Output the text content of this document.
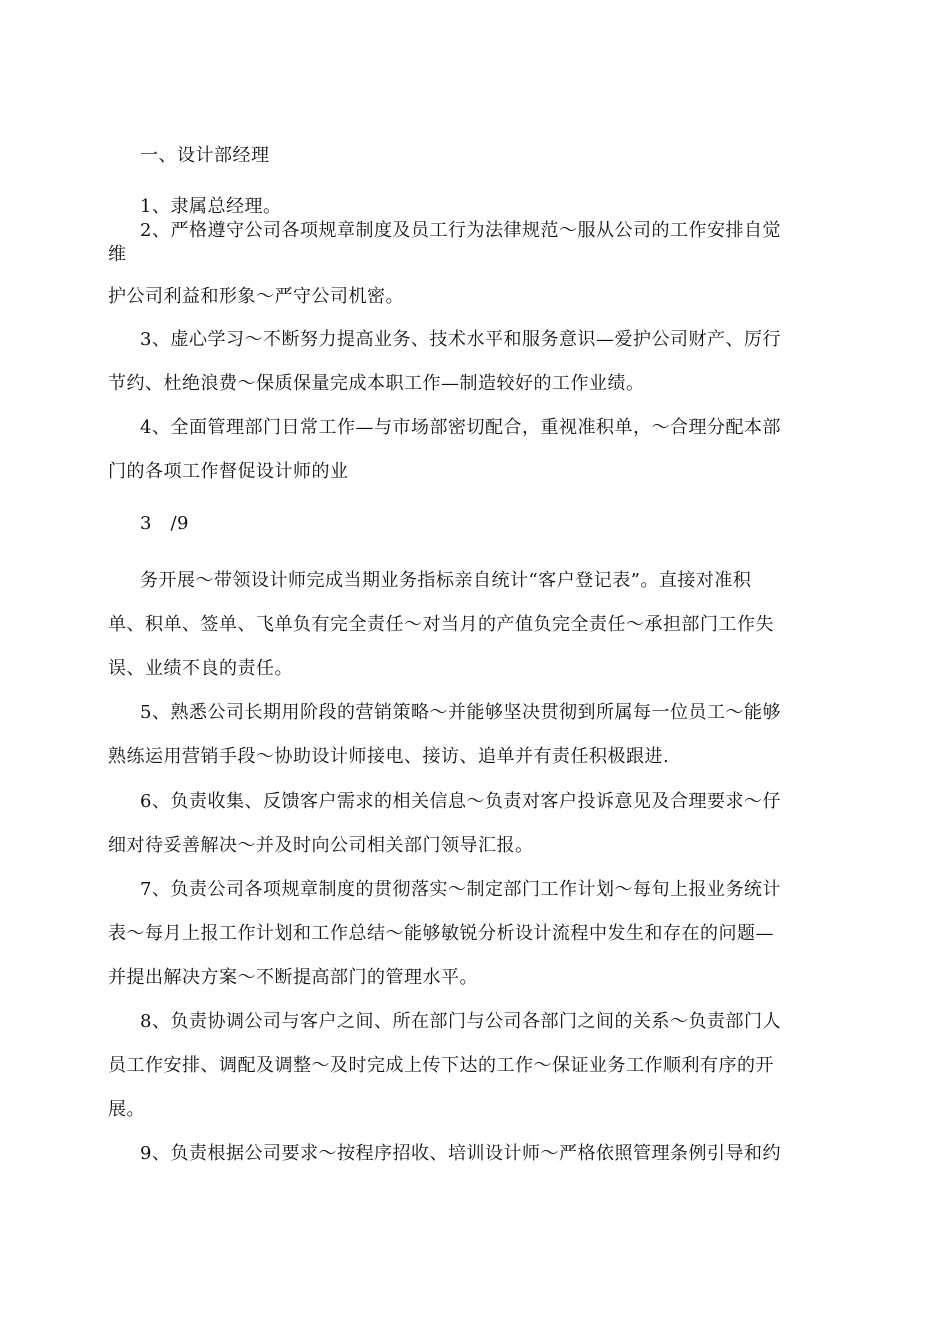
一、设计部经理
1、隶属总经理。
2、严格遵守公司各项规章制度及员工行为法律规范〜服从公司的工作安排自觉
维
护公司利益和形象〜严守公司机密。
3、虚心学习〜不断努力提高业务、技术水平和服务意识—爱护公司财产、厉行
节约、杜绝浪费〜保质保量完成本职工作—制造较好的工作业绩。
4、全面管理部门日常工作—与市场部密切配合，重视准积单，〜合理分配本部
门的各项工作督促设计师的业
3　/9
务开展〜带领设计师完成当期业务指标亲自统计“客户登记表”。直接对准积
单、积单、签单、飞单负有完全责任〜对当月的产值负完全责任〜承担部门工作失
误、业绩不良的责任。
5、熟悉公司长期用阶段的营销策略〜并能够坚决贯彻到所属每一位员工〜能够
熟练运用营销手段〜协助设计师接电、接访、追单并有责任积极跟进.
6、负责收集、反馈客户需求的相关信息〜负责对客户投诉意见及合理要求〜仔
细对待妥善解决〜并及时向公司相关部门领导汇报。
7、负责公司各项规章制度的贯彻落实〜制定部门工作计划〜每旬上报业务统计
表〜每月上报工作计划和工作总结〜能够敏锐分析设计流程中发生和存在的问题—
并提出解决方案〜不断提高部门的管理水平。
8、负责协调公司与客户之间、所在部门与公司各部门之间的关系〜负责部门人
员工作安排、调配及调整〜及时完成上传下达的工作〜保证业务工作顺利有序的开
展。
9、负责根据公司要求〜按程序招收、培训设计师〜严格依照管理条例引导和约
